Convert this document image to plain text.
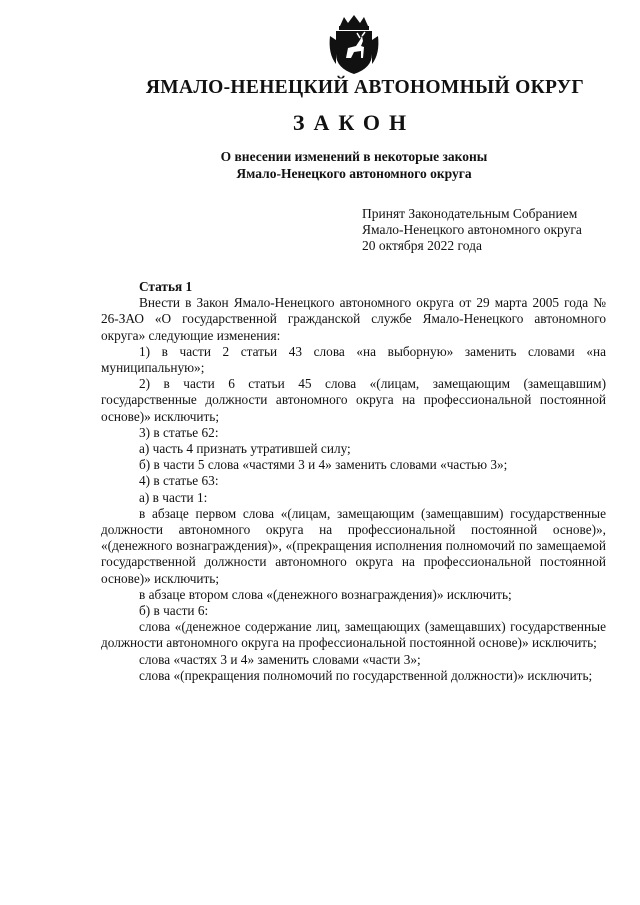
ЯМАЛО-НЕНЕЦКИЙ АВТОНОМНЫЙ ОКРУГ
ЗАКОН
О внесении изменений в некоторые законы
Ямало-Ненецкого автономного округа
Принят Законодательным Собранием
Ямало-Ненецкого автономного округа
20 октября 2022 года
Статья 1

Внести в Закон Ямало-Ненецкого автономного округа от 29 марта 2005 года № 26-ЗАО «О государственной гражданской службе Ямало-Ненецкого автономного округа» следующие изменения:

1) в части 2 статьи 43 слова «на выборную» заменить словами «на муниципальную»;

2) в части 6 статьи 45 слова «(лицам, замещающим (замещавшим) государственные должности автономного округа на профессиональной постоянной основе)» исключить;

3) в статье 62:

а) часть 4 признать утратившей силу;

б) в части 5 слова «частями 3 и 4» заменить словами «частью 3»;

4) в статье 63:

а) в части 1:

в абзаце первом слова «(лицам, замещающим (замещавшим) государственные должности автономного округа на профессиональной постоянной основе)», «(денежного вознаграждения)», «(прекращения исполнения полномочий по замещаемой государственной должности автономного округа на профессиональной постоянной основе)» исключить;

в абзаце втором слова «(денежного вознаграждения)» исключить;

б) в части 6:

слова «(денежное содержание лиц, замещающих (замещавших) государственные должности автономного округа на профессиональной постоянной основе)» исключить;

слова «частях 3 и 4» заменить словами «части 3»;

слова «(прекращения полномочий по государственной должности)» исключить;
